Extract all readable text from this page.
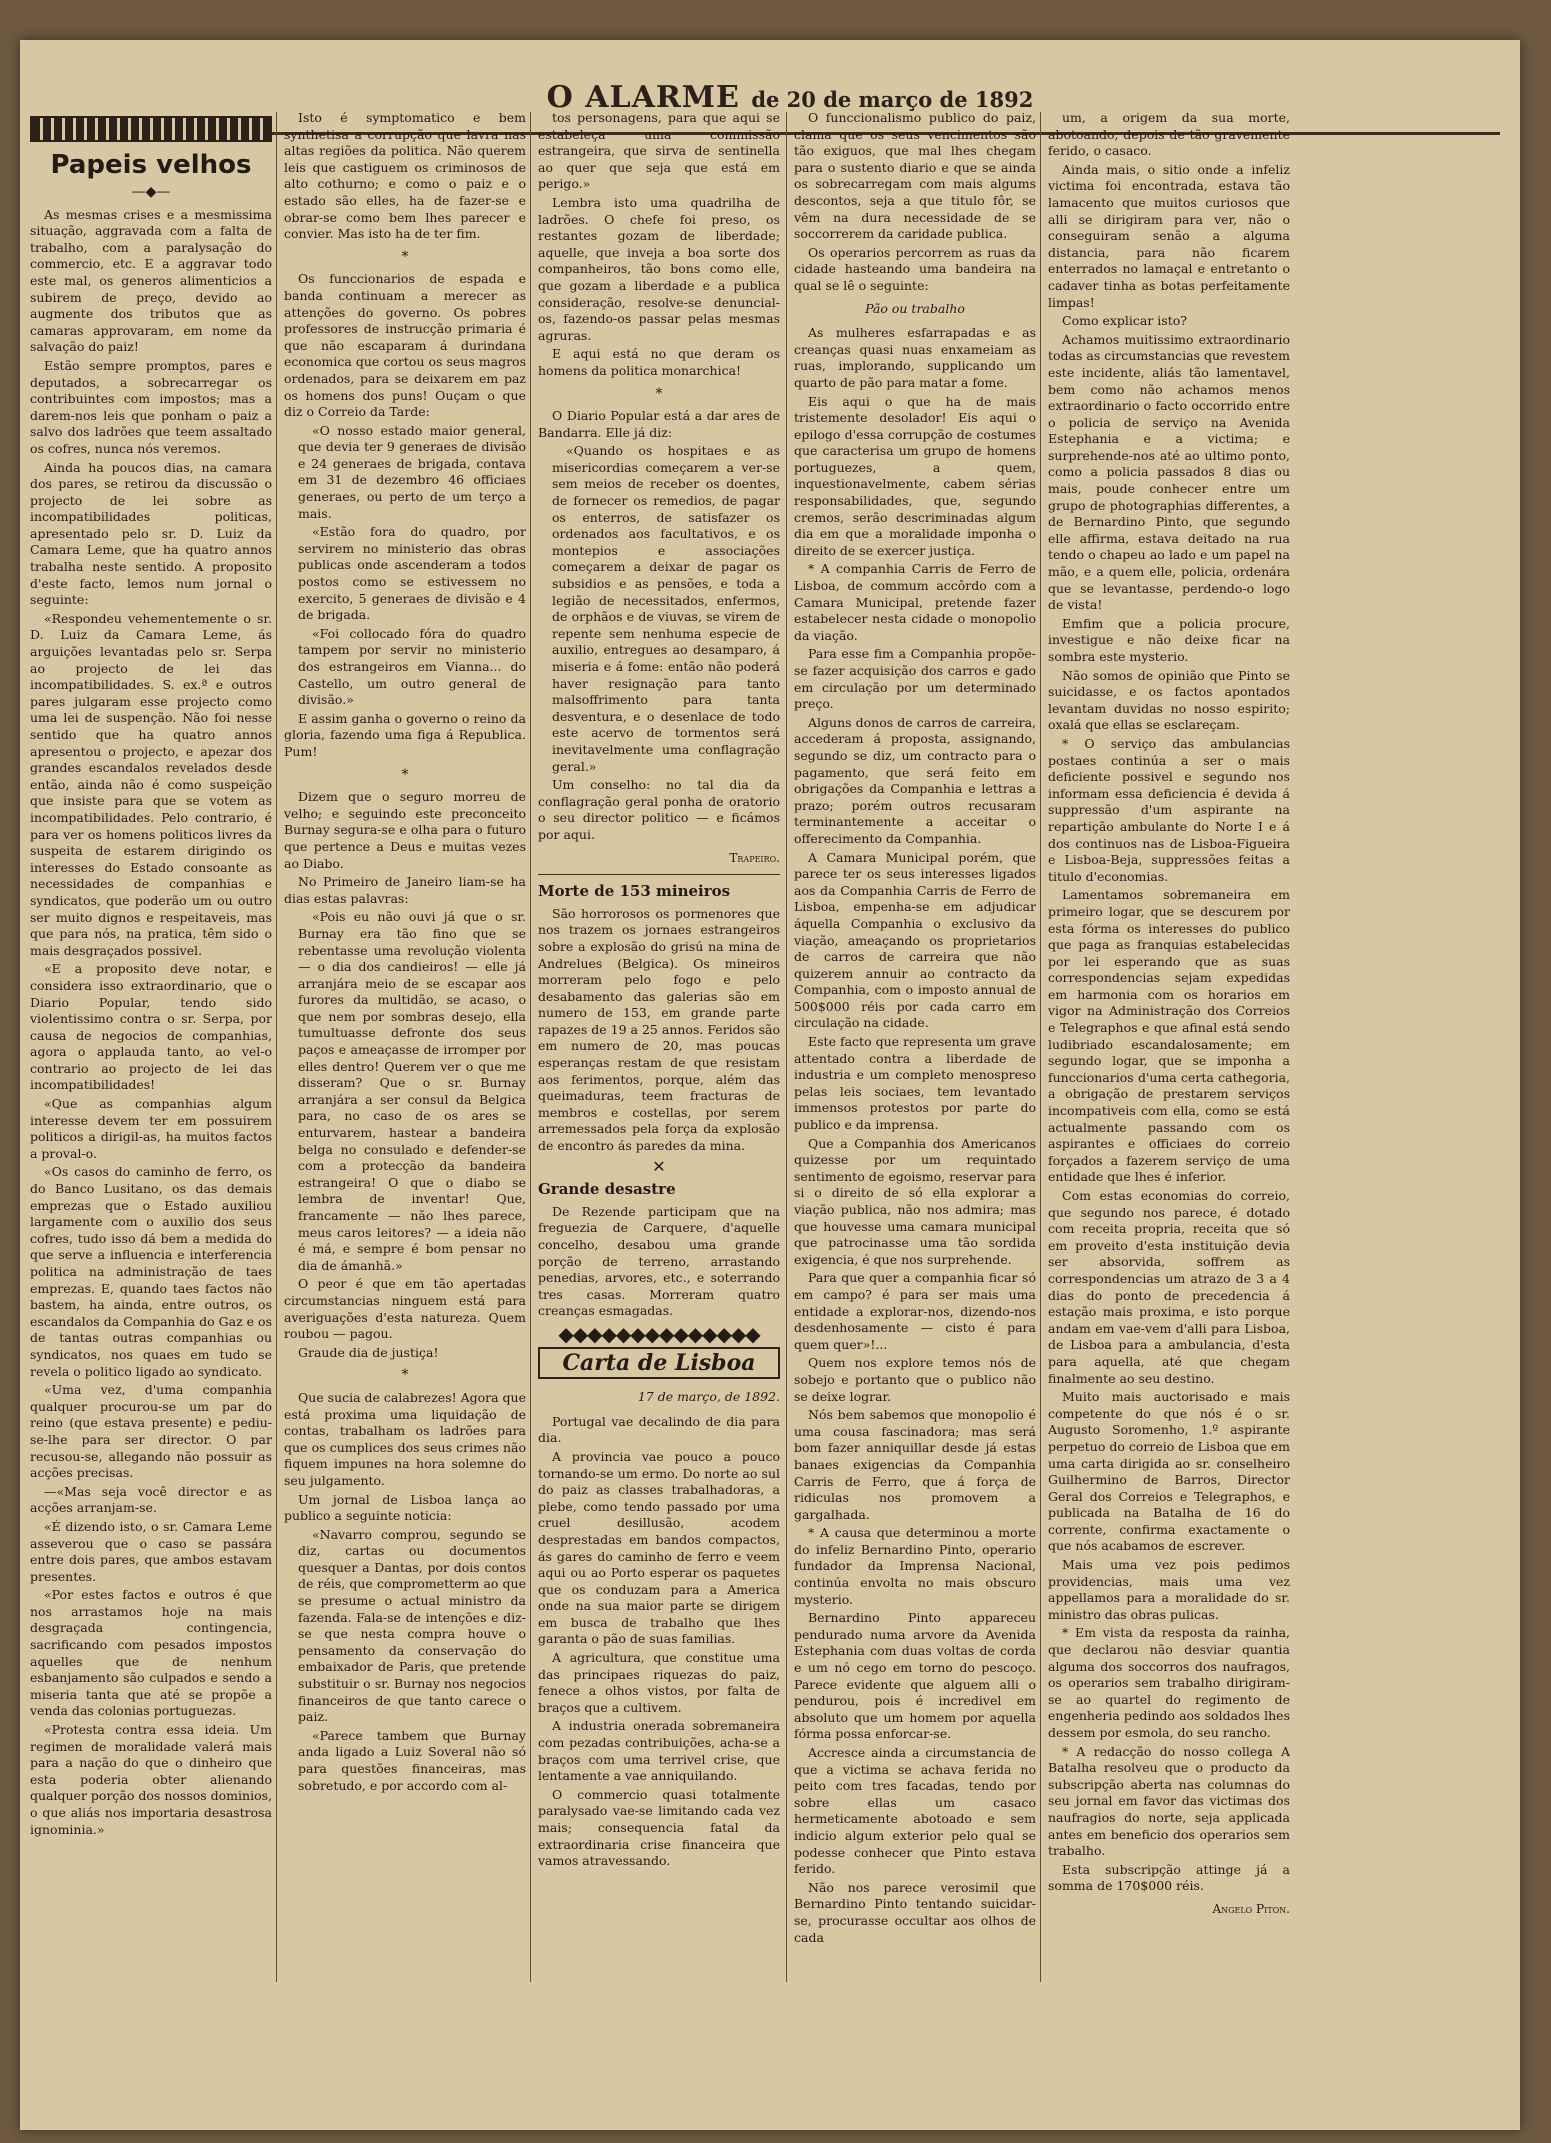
O ALARME de 20 de março de 1892
Papeis velhos
—◆—

As mesmas crises e a mesmissima situação, aggravada com a falta de trabalho, com a paralysação do commercio, etc. E a aggravar todo este mal, os generos alimenticios a subirem de preço, devido ao augmente dos tributos que as camaras approvaram, em nome da salvação do paiz!

Estão sempre promptos, pares e deputados, a sobrecarregar os contribuintes com impostos; mas a darem-nos leis que ponham o paiz a salvo dos ladrões que teem assaltado os cofres, nunca nós veremos.

Ainda ha poucos dias, na camara dos pares, se retirou da discussão o projecto de lei sobre as incompatibilidades politicas, apresentado pelo sr. D. Luiz da Camara Leme, que ha quatro annos trabalha neste sentido. A proposito d'este facto, lemos num jornal o seguinte:

«Respondeu vehementemente o sr. D. Luiz da Camara Leme, ás arguições levantadas pelo sr. Serpa ao projecto de lei das incompatibilidades. S. ex.ª e outros pares julgaram esse projecto como uma lei de suspenção. Não foi nesse sentido que ha quatro annos apresentou o projecto, e apezar dos grandes escandalos revelados desde então, ainda não é como suspeição que insiste para que se votem as incompatibilidades. Pelo contrario, é para ver os homens politicos livres da suspeita de estarem dirigindo os interesses do Estado consoante as necessidades de companhias e syndicatos, que poderão um ou outro ser muito dignos e respeitaveis, mas que para nós, na pratica, têm sido o mais desgraçados possivel.

«E a proposito deve notar, e considera isso extraordinario, que o Diario Popular, tendo sido violentissimo contra o sr. Serpa, por causa de negocios de companhias, agora o applauda tanto, ao vel-o contrario ao projecto de lei das incompatibilidades!

«Que as companhias algum interesse devem ter em possuirem politicos a dirigil-as, ha muitos factos a proval-o.

«Os casos do caminho de ferro, os do Banco Lusitano, os das demais emprezas que o Estado auxiliou largamente com o auxilio dos seus cofres, tudo isso dá bem a medida do que serve a influencia e interferencia politica na administração de taes emprezas. E, quando taes factos não bastem, ha ainda, entre outros, os escandalos da Companhia do Gaz e os de tantas outras companhias ou syndicatos, nos quaes em tudo se revela o politico ligado ao syndicato.

«Uma vez, d'uma companhia qualquer procurou-se um par do reino (que estava presente) e pediu-se-lhe para ser director. O par recusou-se, allegando não possuir as acções precisas.

—«Mas seja você director e as acções arranjam-se.

«É dizendo isto, o sr. Camara Leme asseverou que o caso se passára entre dois pares, que ambos estavam presentes.

«Por estes factos e outros é que nos arrastamos hoje na mais desgraçada contingencia, sacrificando com pesados impostos aquelles que de nenhum esbanjamento são culpados e sendo a miseria tanta que até se propõe a venda das colonias portuguezas.

«Protesta contra essa ideia. Um regimen de moralidade valerá mais para a nação do que o dinheiro que esta poderia obter alienando qualquer porção dos nossos dominios, o que aliás nos importaria desastrosa ignominia.»

Isto é symptomatico e bem synthetisa a corrupção que lavra nas altas regiões da politica. Não querem leis que castiguem os criminosos de alto cothurno; e como o paiz e o estado são elles, ha de fazer-se e obrar-se como bem lhes parecer e convier. Mas isto ha de ter fim.

*

Os funccionarios de espada e banda continuam a merecer as attenções do governo. Os pobres professores de instrucção primaria é que não escaparam á durindana economica que cortou os seus magros ordenados, para se deixarem em paz os homens dos puns! Ouçam o que diz o Correio da Tarde:

«O nosso estado maior general, que devia ter 9 generaes de divisão e 24 generaes de brigada, contava em 31 de dezembro 46 officiaes generaes, ou perto de um terço a mais.

«Estão fora do quadro, por servirem no ministerio das obras publicas onde ascenderam a todos postos como se estivessem no exercito, 5 generaes de divisão e 4 de brigada.

«Foi collocado fóra do quadro tampem por servir no ministerio dos estrangeiros em Vianna... do Castello, um outro general de divisão.»

E assim ganha o governo o reino da gloria, fazendo uma figa á Republica. Pum!

*

Dizem que o seguro morreu de velho; e seguindo este preconceito Burnay segura-se e olha para o futuro que pertence a Deus e muitas vezes ao Diabo.

No Primeiro de Janeiro liam-se ha dias estas palavras:

«Pois eu não ouvi já que o sr. Burnay era tão fino que se rebentasse uma revolução violenta — o dia dos candieiros! — elle já arranjára meio de se escapar aos furores da multidão, se acaso, o que nem por sombras desejo, ella tumultuasse defronte dos seus paços e ameaçasse de irromper por elles dentro! Querem ver o que me disseram? Que o sr. Burnay arranjára a ser consul da Belgica para, no caso de os ares se enturvarem, hastear a bandeira belga no consulado e defender-se com a protecção da bandeira estrangeira! O que o diabo se lembra de inventar! Que, francamente — não lhes parece, meus caros leitores? — a ideia não é má, e sempre é bom pensar no dia de ámanhã.»

O peor é que em tão apertadas circumstancias ninguem está para averiguações d'esta natureza. Quem roubou — pagou.

Graude dia de justiça!

*

Que sucia de calabrezes! Agora que está proxima uma liquidação de contas, trabalham os ladrões para que os cumplices dos seus crimes não fiquem impunes na hora solemne do seu julgamento.

Um jornal de Lisboa lança ao publico a seguinte noticia:

«Navarro comprou, segundo se diz, cartas ou documentos quesquer a Dantas, por dois contos de réis, que comprometterm ao que se presume o actual ministro da fazenda. Fala-se de intenções e diz-se que nesta compra houve o pensamento da conservação do embaixador de Paris, que pretende substituir o sr. Burnay nos negocios financeiros de que tanto carece o paiz.

«Parece tambem que Burnay anda ligado a Luiz Soveral não só para questões financeiras, mas sobretudo, e por accordo com al-

tos personagens, para que aqui se estabeleça uma commissão estrangeira, que sirva de sentinella ao quer que seja que está em perigo.»

Lembra isto uma quadrilha de ladrões. O chefe foi preso, os restantes gozam de liberdade; aquelle, que inveja a boa sorte dos companheiros, tão bons como elle, que gozam a liberdade e a publica consideração, resolve-se denuncial-os, fazendo-os passar pelas mesmas agruras.

E aqui está no que deram os homens da politica monarchica!

*

O Diario Popular está a dar ares de Bandarra. Elle já diz:

«Quando os hospitaes e as misericordias começarem a ver-se sem meios de receber os doentes, de fornecer os remedios, de pagar os enterros, de satisfazer os ordenados aos facultativos, e os montepios e associações começarem a deixar de pagar os subsidios e as pensões, e toda a legião de necessitados, enfermos, de orphãos e de viuvas, se virem de repente sem nenhuma especie de auxilio, entregues ao desamparo, á miseria e á fome: então não poderá haver resignação para tanto malsoffrimento para tanta desventura, e o desenlace de todo este acervo de tormentos será inevitavelmente uma conflagração geral.»

Um conselho: no tal dia da conflagração geral ponha de oratorio o seu director politico — e ficámos por aqui.

Trapeiro.
Morte de 153 mineiros

São horrorosos os pormenores que nos trazem os jornaes estrangeiros sobre a explosão do grisú na mina de Andrelues (Belgica). Os mineiros morreram pelo fogo e pelo desabamento das galerias são em numero de 153, em grande parte rapazes de 19 a 25 annos. Feridos são em numero de 20, mas poucas esperanças restam de que resistam aos ferimentos, porque, além das queimaduras, teem fracturas de membros e costellas, por serem arremessados pela força da explosão de encontro ás paredes da mina.

✕
Grande desastre

De Rezende participam que na freguezia de Carquere, d'aquelle concelho, desabou uma grande porção de terreno, arrastando penedias, arvores, etc., e soterrando tres casas. Morreram quatro creanças esmagadas.

◆◆◆◆◆◆◆◆◆◆◆◆◆◆
Carta de Lisboa
17 de março, de 1892.

Portugal vae decalindo de dia para dia.

A provincia vae pouco a pouco tornando-se um ermo. Do norte ao sul do paiz as classes trabalhadoras, a plebe, como tendo passado por uma cruel desillusão, acodem desprestadas em bandos compactos, ás gares do caminho de ferro e veem aqui ou ao Porto esperar os paquetes que os conduzam para a America onde na sua maior parte se dirigem em busca de trabalho que lhes garanta o pão de suas familias.

A agricultura, que constitue uma das principaes riquezas do paiz, fenece a olhos vistos, por falta de braços que a cultivem.

A industria onerada sobremaneira com pezadas contribuições, acha-se a braços com uma terrivel crise, que lentamente a vae anniquilando.

O commercio quasi totalmente paralysado vae-se limitando cada vez mais; consequencia fatal da extraordinaria crise financeira que vamos atravessando.

O funccionalismo publico do paiz, clama que os seus vencimentos são tão exiguos, que mal lhes chegam para o sustento diario e que se ainda os sobrecarregam com mais algums descontos, seja a que titulo fôr, se vêm na dura necessidade de se soccorrerem da caridade publica.

Os operarios percorrem as ruas da cidade hasteando uma bandeira na qual se lê o seguinte:

Pão ou trabalho

As mulheres esfarrapadas e as creanças quasi nuas enxameiam as ruas, implorando, supplicando um quarto de pão para matar a fome.

Eis aqui o que ha de mais tristemente desolador! Eis aqui o epilogo d'essa corrupção de costumes que caracterisa um grupo de homens portuguezes, a quem, inquestionavelmente, cabem sérias responsabilidades, que, segundo cremos, serão descriminadas algum dia em que a moralidade imponha o direito de se exercer justiça.

* A companhia Carris de Ferro de Lisboa, de commum accôrdo com a Camara Municipal, pretende fazer estabelecer nesta cidade o monopolio da viação.

Para esse fim a Companhia propõe-se fazer acquisição dos carros e gado em circulação por um determinado preço.

Alguns donos de carros de carreira, accederam á proposta, assignando, segundo se diz, um contracto para o pagamento, que será feito em obrigações da Companhia e lettras a prazo; porém outros recusaram terminantemente a acceitar o offerecimento da Companhia.

A Camara Municipal porém, que parece ter os seus interesses ligados aos da Companhia Carris de Ferro de Lisboa, empenha-se em adjudicar áquella Companhia o exclusivo da viação, ameaçando os proprietarios de carros de carreira que não quizerem annuir ao contracto da Companhia, com o imposto annual de 500$000 réis por cada carro em circulação na cidade.

Este facto que representa um grave attentado contra a liberdade de industria e um completo menospreso pelas leis sociaes, tem levantado immensos protestos por parte do publico e da imprensa.

Que a Companhia dos Americanos quizesse por um requintado sentimento de egoismo, reservar para si o direito de só ella explorar a viação publica, não nos admira; mas que houvesse uma camara municipal que patrocinasse uma tão sordida exigencia, é que nos surprehende.

Para que quer a companhia ficar só em campo? é para ser mais uma entidade a explorar-nos, dizendo-nos desdenhosamente — cisto é para quem quer»!...

Quem nos explore temos nós de sobejo e portanto que o publico não se deixe lograr.

Nós bem sabemos que monopolio é uma cousa fascinadora; mas será bom fazer anniquillar desde já estas banaes exigencias da Companhia Carris de Ferro, que á força de ridiculas nos promovem a gargalhada.

* A causa que determinou a morte do infeliz Bernardino Pinto, operario fundador da Imprensa Nacional, continúa envolta no mais obscuro mysterio.

Bernardino Pinto appareceu pendurado numa arvore da Avenida Estephania com duas voltas de corda e um nó cego em torno do pescoço. Parece evidente que alguem alli o pendurou, pois é incredivel em absoluto que um homem por aquella fórma possa enforcar-se.

Accresce ainda a circumstancia de que a victima se achava ferida no peito com tres facadas, tendo por sobre ellas um casaco hermeticamente abotoado e sem indicio algum exterior pelo qual se podesse conhecer que Pinto estava ferido.

Não nos parece verosimil que Bernardino Pinto tentando suicidar-se, procurasse occultar aos olhos de cada

um, a origem da sua morte, abotoando, depois de tão gravemente ferido, o casaco.

Ainda mais, o sitio onde a infeliz victima foi encontrada, estava tão lamacento que muitos curiosos que alli se dirigiram para ver, não o conseguiram senão a alguma distancia, para não ficarem enterrados no lamaçal e entretanto o cadaver tinha as botas perfeitamente limpas!

Como explicar isto?

Achamos muitissimo extraordinario todas as circumstancias que revestem este incidente, aliás tão lamentavel, bem como não achamos menos extraordinario o facto occorrido entre o policia de serviço na Avenida Estephania e a victima; e surprehende-nos até ao ultimo ponto, como a policia passados 8 dias ou mais, poude conhecer entre um grupo de photographias differentes, a de Bernardino Pinto, que segundo elle affirma, estava deitado na rua tendo o chapeu ao lado e um papel na mão, e a quem elle, policia, ordenára que se levantasse, perdendo-o logo de vista!

Emfim que a policia procure, investigue e não deixe ficar na sombra este mysterio.

Não somos de opinião que Pinto se suicidasse, e os factos apontados levantam duvidas no nosso espirito; oxalá que ellas se esclareçam.

* O serviço das ambulancias postaes continúa a ser o mais deficiente possivel e segundo nos informam essa deficiencia é devida á suppressão d'um aspirante na repartição ambulante do Norte I e á dos continuos nas de Lisboa-Figueira e Lisboa-Beja, suppressões feitas a titulo d'economias.

Lamentamos sobremaneira em primeiro logar, que se descurem por esta fórma os interesses do publico que paga as franquias estabelecidas por lei esperando que as suas correspondencias sejam expedidas em harmonia com os horarios em vigor na Administração dos Correios e Telegraphos e que afinal está sendo ludibriado escandalosamente; em segundo logar, que se imponha a funccionarios d'uma certa cathegoria, a obrigação de prestarem serviços incompativeis com ella, como se está actualmente passando com os aspirantes e officiaes do correio forçados a fazerem serviço de uma entidade que lhes é inferior.

Com estas economias do correio, que segundo nos parece, é dotado com receita propria, receita que só em proveito d'esta instituição devia ser absorvida, soffrem as correspondencias um atrazo de 3 a 4 dias do ponto de precedencia á estação mais proxima, e isto porque andam em vae-vem d'alli para Lisboa, de Lisboa para a ambulancia, d'esta para aquella, até que chegam finalmente ao seu destino.

Muito mais auctorisado e mais competente do que nós é o sr. Augusto Soromenho, 1.º aspirante perpetuo do correio de Lisboa que em uma carta dirigida ao sr. conselheiro Guilhermino de Barros, Director Geral dos Correios e Telegraphos, e publicada na Batalha de 16 do corrente, confirma exactamente o que nós acabamos de escrever.

Mais uma vez pois pedimos providencias, mais uma vez appellamos para a moralidade do sr. ministro das obras pulicas.

* Em vista da resposta da rainha, que declarou não desviar quantia alguma dos soccorros dos naufragos, os operarios sem trabalho dirigiram-se ao quartel do regimento de engenheria pedindo aos soldados lhes dessem por esmola, do seu rancho.

* A redacção do nosso collega A Batalha resolveu que o producto da subscripção aberta nas columnas do seu jornal em favor das victimas dos naufragios do norte, seja applicada antes em beneficio dos operarios sem trabalho.

Esta subscripção attinge já a somma de 170$000 réis.

Angelo Piton.
